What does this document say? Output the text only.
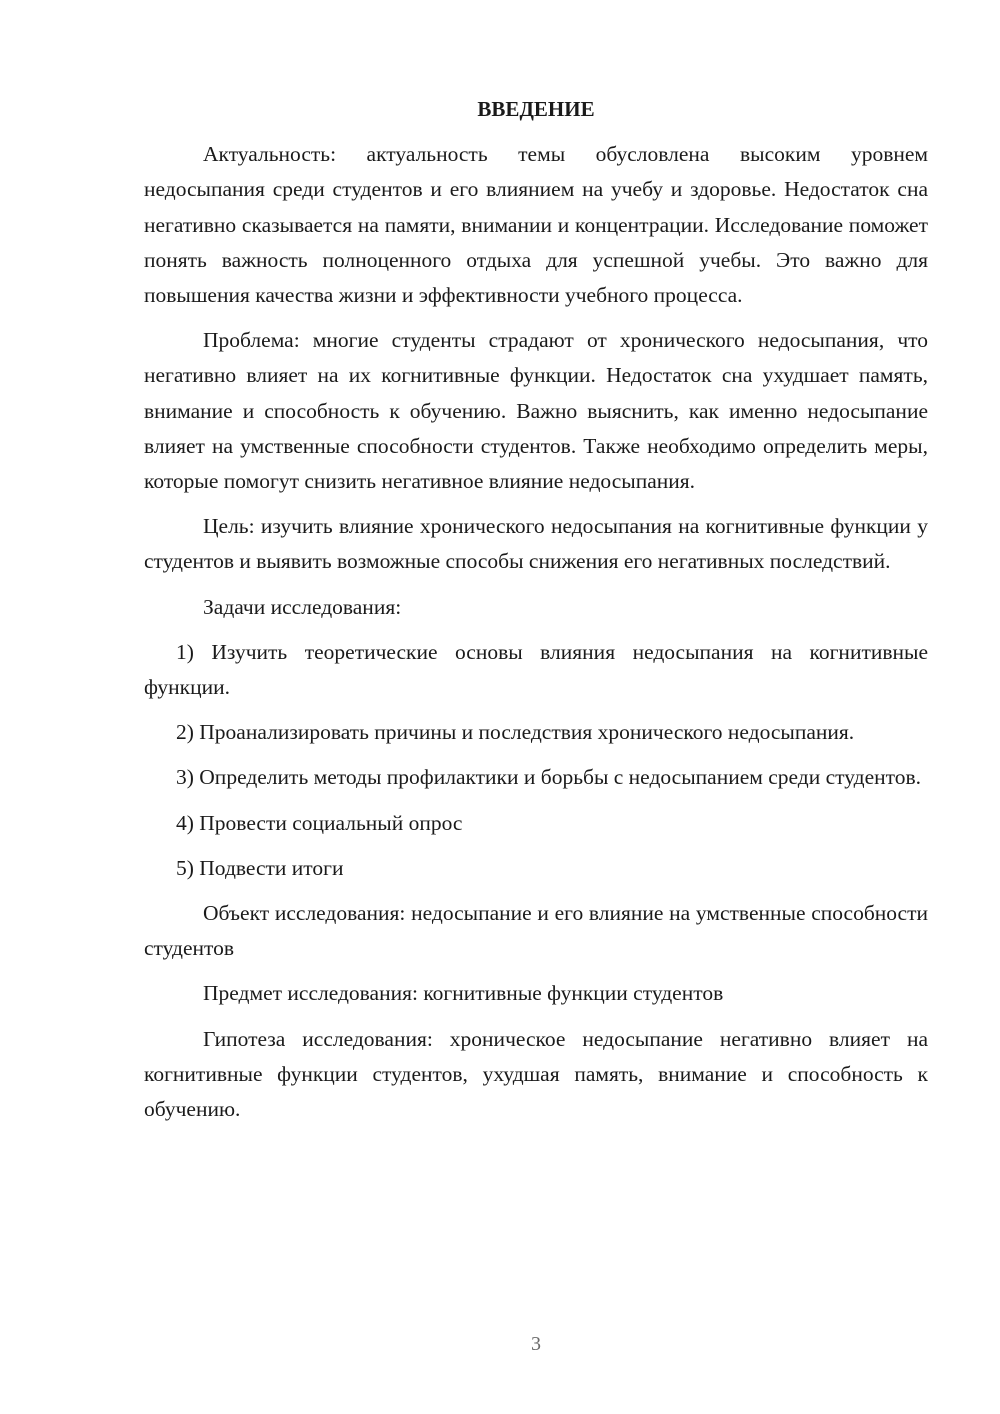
ВВЕДЕНИЕ

Актуальность: актуальность темы обусловлена высоким уровнем недосыпания среди студентов и его влиянием на учебу и здоровье. Недостаток сна негативно сказывается на памяти, внимании и концентрации. Исследование поможет понять важность полноценного отдыха для успешной учебы. Это важно для повышения качества жизни и эффективности учебного процесса.

Проблема: многие студенты страдают от хронического недосыпания, что негативно влияет на их когнитивные функции. Недостаток сна ухудшает память, внимание и способность к обучению. Важно выяснить, как именно недосыпание влияет на умственные способности студентов. Также необходимо определить меры, которые помогут снизить негативное влияние недосыпания.

Цель: изучить влияние хронического недосыпания на когнитивные функции у студентов и выявить возможные способы снижения его негативных последствий.

Задачи исследования:

1) Изучить теоретические основы влияния недосыпания на когнитивные функции.

2) Проанализировать причины и последствия хронического недосыпания.

3) Определить методы профилактики и борьбы с недосыпанием среди студентов.

4) Провести социальный опрос

5) Подвести итоги

Объект исследования: недосыпание и его влияние на умственные способности студентов

Предмет исследования: когнитивные функции студентов

Гипотеза исследования: хроническое недосыпание негативно влияет на когнитивные функции студентов, ухудшая память, внимание и способность к обучению.

3
